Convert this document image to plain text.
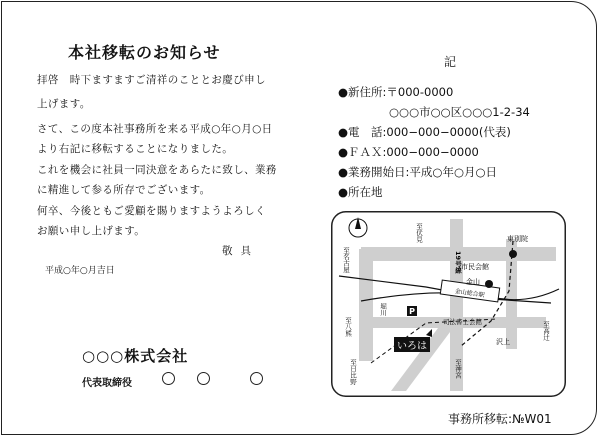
本社移転のお知らせ

拝啓　時下ますますご清祥のこととお慶び申し

上げます。

さて、この度本社事務所を来る平成○年○月○日

より右記に移転することになりました。

これを機会に社員一同決意をあらたに致し、業務

に精進して参る所存でございます。

何卒、今後ともご愛顧を賜りますようよろしく

お願い申し上げます。

敬具

平成○年○月吉日

○○○株式会社

代表取締役

記

●新住所:〒000-0000

○○○市○○区○○○1-2-34

●電　話:000−000−0000(代表)

●ＦＡＸ:000−000−0000

●業務開始日:平成○年○月○日

●所在地

金山総合駅
P
いろは
至伏見	東別院
至名古屋	19号線 市民会館
金山
堀川
司法書士会館
至八熊	至高辻
沢上
至日比野	至神宮

事務所移転:№W01
